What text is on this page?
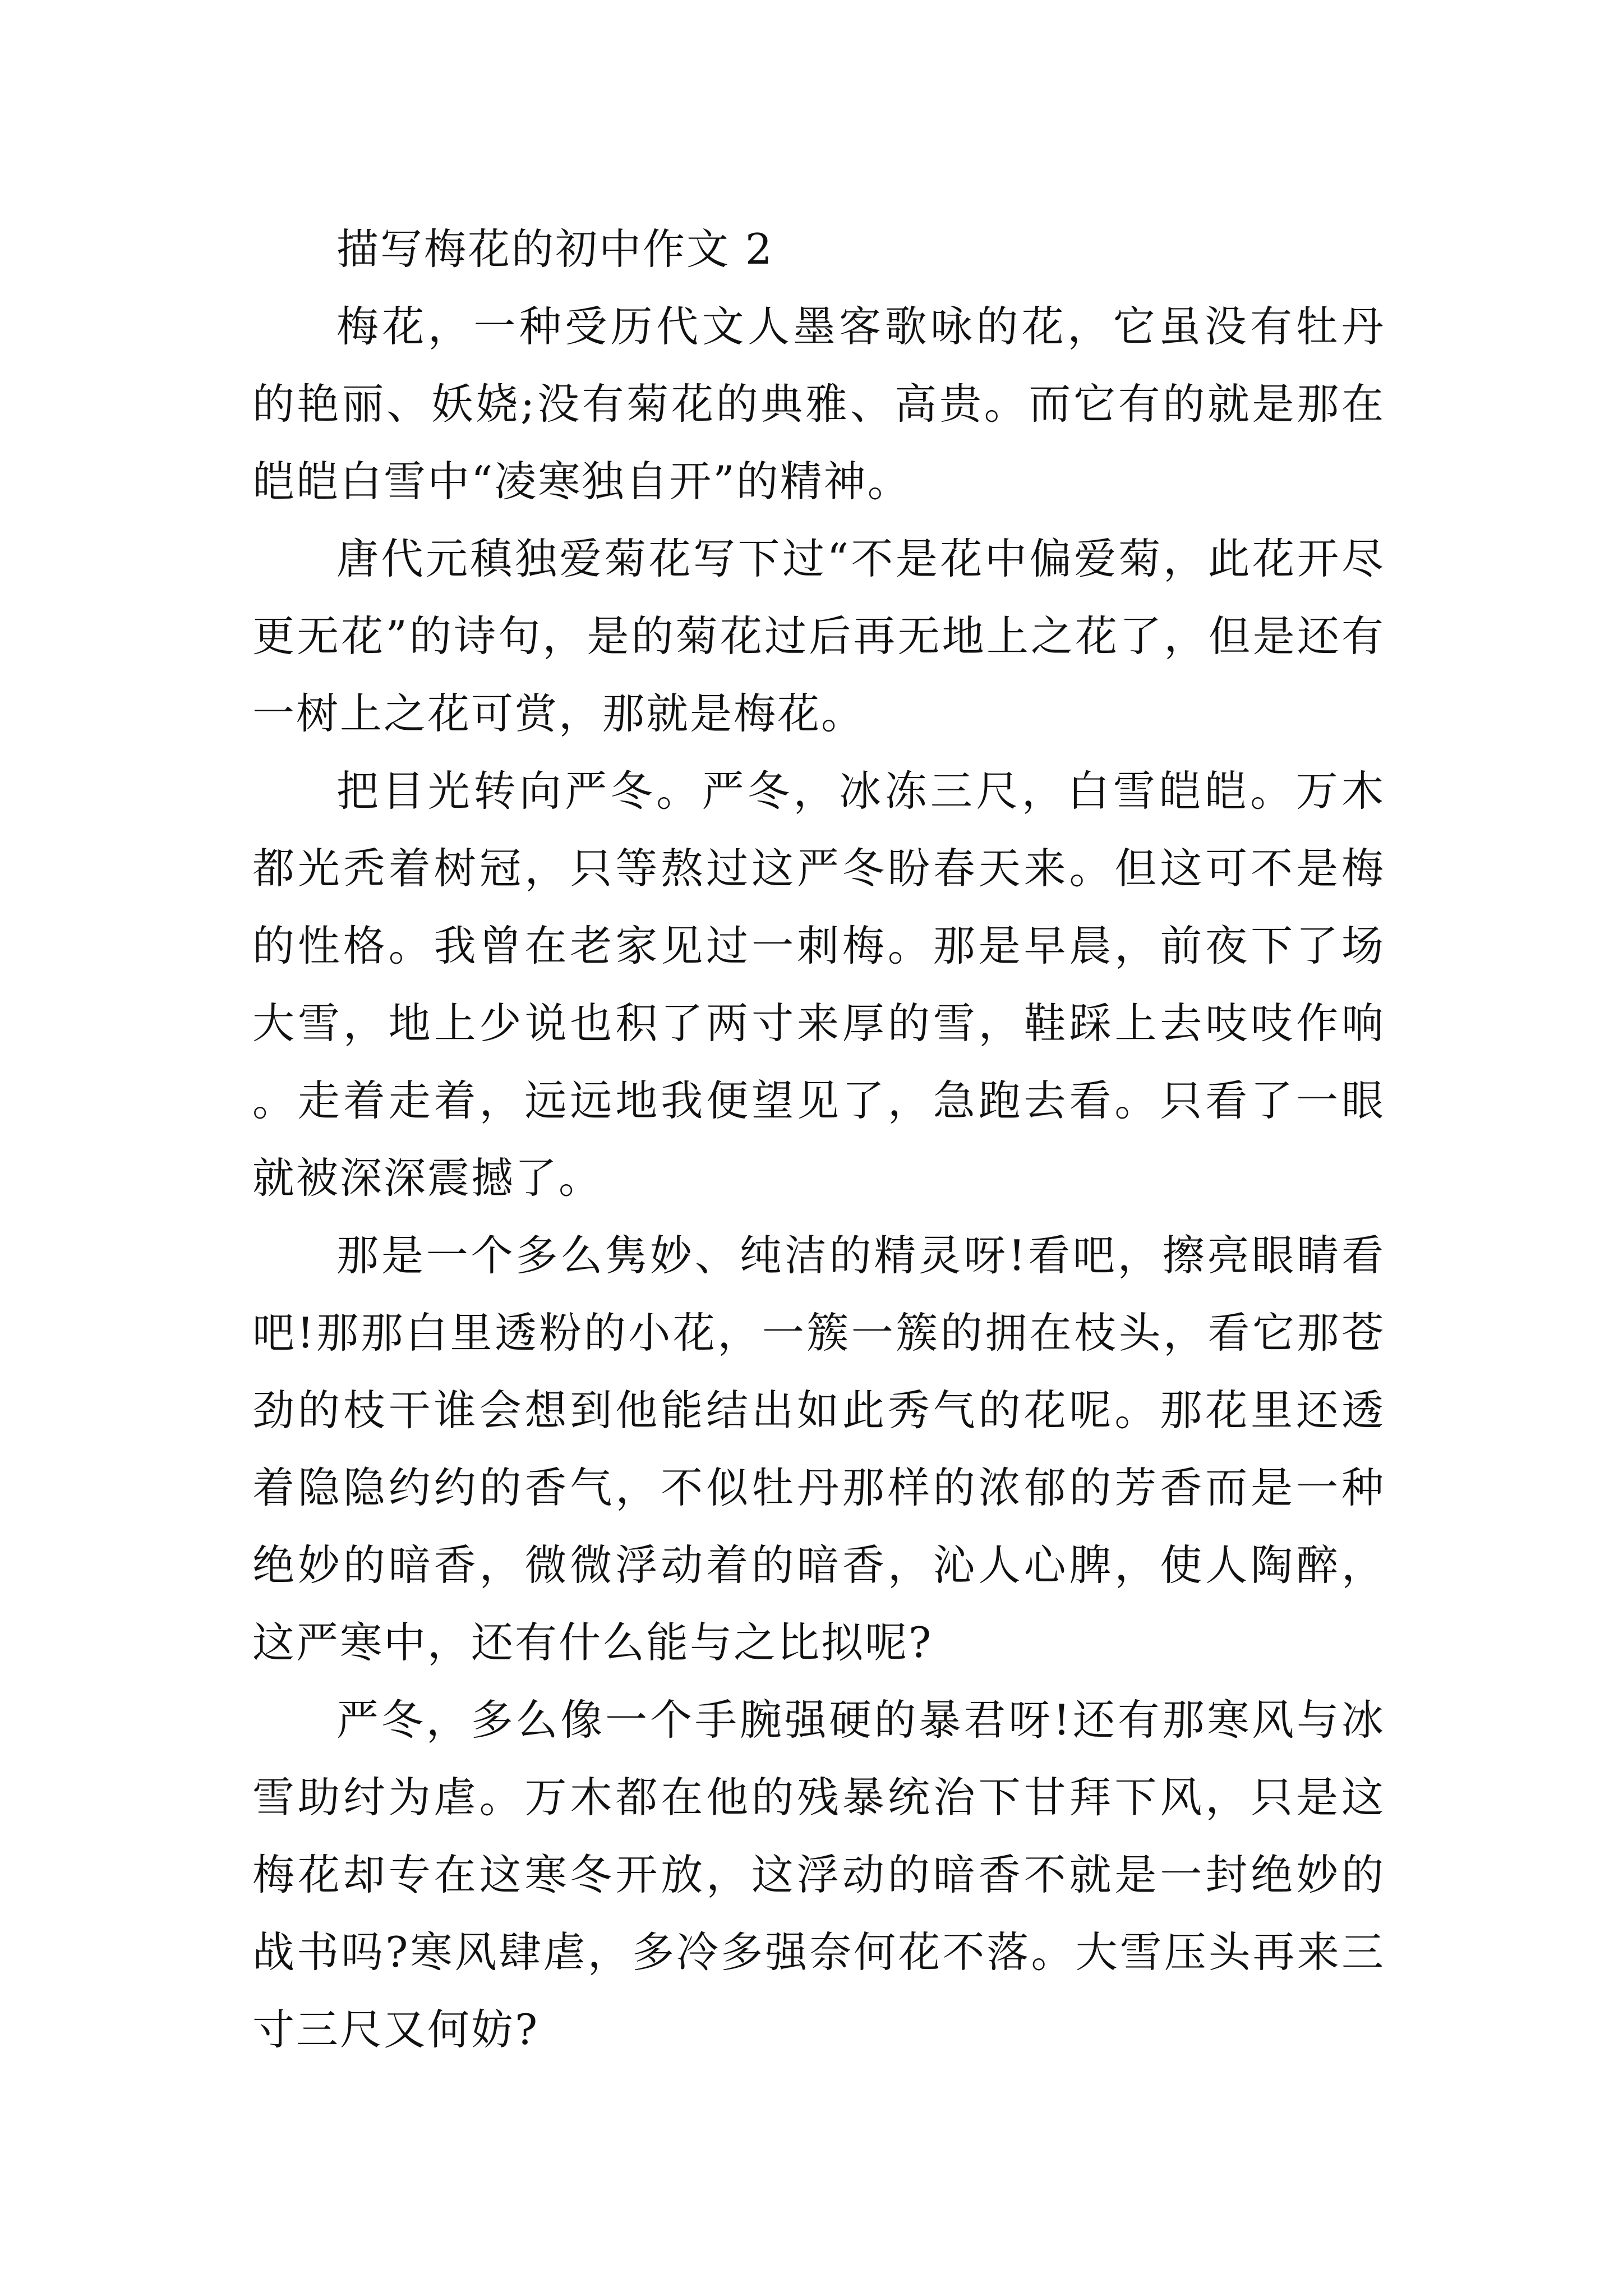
描写梅花的初中作文 2

梅花，一种受历代文人墨客歌咏的花，它虽没有牡丹的艳丽、妖娆;没有菊花的典雅、高贵。而它有的就是那在皑皑白雪中“凌寒独自开”的精神。

唐代元稹独爱菊花写下过“不是花中偏爱菊，此花开尽更无花”的诗句，是的菊花过后再无地上之花了，但是还有一树上之花可赏，那就是梅花。

把目光转向严冬。严冬，冰冻三尺，白雪皑皑。万木都光秃着树冠，只等熬过这严冬盼春天来。但这可不是梅的性格。我曾在老家见过一刺梅。那是早晨，前夜下了场大雪，地上少说也积了两寸来厚的雪，鞋踩上去吱吱作响。走着走着，远远地我便望见了，急跑去看。只看了一眼就被深深震撼了。

那是一个多么隽妙、纯洁的精灵呀!看吧，擦亮眼睛看吧!那那白里透粉的小花，一簇一簇的拥在枝头，看它那苍劲的枝干谁会想到他能结出如此秀气的花呢。那花里还透着隐隐约约的香气，不似牡丹那样的浓郁的芳香而是一种绝妙的暗香，微微浮动着的暗香，沁人心脾，使人陶醉，这严寒中，还有什么能与之比拟呢?

严冬，多么像一个手腕强硬的暴君呀!还有那寒风与冰雪助纣为虐。万木都在他的残暴统治下甘拜下风，只是这梅花却专在这寒冬开放，这浮动的暗香不就是一封绝妙的战书吗?寒风肆虐，多冷多强奈何花不落。大雪压头再来三寸三尺又何妨?
